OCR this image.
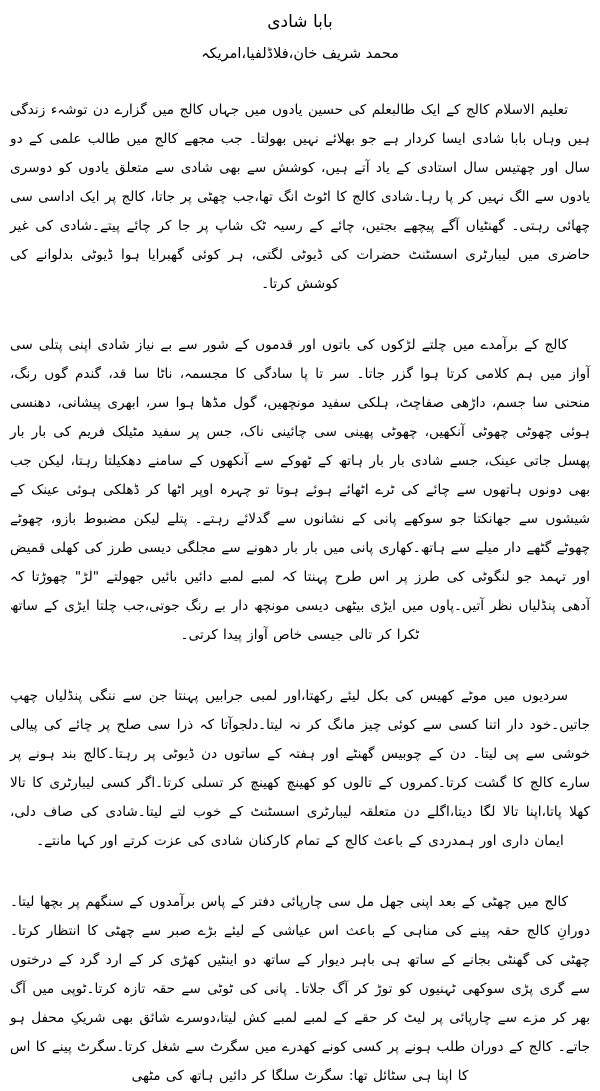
بابا شادی
محمد شریف خان،فلاڈلفیا،امریکہ

تعلیم الاسلام کالج کے ایک طالبعلم کی حسین یادوں میں جہاں کالج میں گزارے دن توشہء زندگی ہیں وہاں بابا شادی ایسا کردار ہے جو بھلائے نہیں بھولتا۔ جب مجھے کالج میں طالب علمی کے دو سال اور چھتیس سال استادی کے یاد آتے ہیں، کوشش سے بھی شادی سے متعلق یادوں کو دوسری یادوں سے الگ نہیں کر پا رہا۔شادی کالج کا اٹوٹ انگ تھا،جب چھٹی پر جاتا، کالج پر ایک اداسی سی چھائی رہتی۔ گھنٹیاں آگے پیچھے بجتیں، چائے کے رسیہ ٹک شاپ پر جا کر چائے پیتے۔شادی کی غیر حاضری میں لیبارٹری اسسٹنٹ حضرات کی ڈیوٹی لگتی، ہر کوئی گھبرایا ہوا ڈیوٹی بدلوانے کی کوشش کرتا۔

کالج کے برآمدے میں چلتے لڑکوں کی باتوں اور قدموں کے شور سے بے نیاز شادی اپنی پتلی سی آواز میں ہم کلامی کرتا ہوا گزر جاتا۔ سر تا پا سادگی کا مجسمہ، ناٹا سا قد، گندم گوں رنگ، منحنی سا جسم، داڑھی صفاچٹ، ہلکی سفید مونچھیں، گول مڈھا ہوا سر، ابھری پیشانی، دھنسی ہوئی چھوٹی چھوٹی آنکھیں، چھوٹی پھینی سی چائینی ناک، جس پر سفید مٹیلک فریم کی بار بار پھسل جاتی عینک، جسے شادی بار بار ہاتھ کے ٹھوکے سے آنکھوں کے سامنے دھکیلتا رہتا، لیکن جب بھی دونوں ہاتھوں سے چائے کی ٹرے اٹھائے ہوئے ہوتا تو چہرہ اوپر اٹھا کر ڈھلکی ہوئی عینک کے شیشوں سے جھانکتا جو سوکھے پانی کے نشانوں سے گدلائے رہتے۔ پتلے لیکن مضبوط بازو، چھوٹے چھوٹے گٹھے دار میلے سے ہاتھ۔کھاری پانی میں بار بار دھونے سے مجلگی دیسی طرز کی کھلی قمیض اور تہمد جو لنگوٹی کی طرز پر اس طرح پہنتا کہ لمبے لمبے دائیں بائیں جھولتے "لڑ" چھوڑتا کہ آدھی پنڈلیاں نظر آتیں۔پاوں میں ایڑی بیٹھی دیسی مونچھ دار بے رنگ جوتی،جب چلتا ایڑی کے ساتھ ٹکرا کر تالی جیسی خاص آواز پیدا کرتی۔

سردیوں میں موٹے کھیس کی بکل لیئے رکھتا،اور لمبی جرابیں پہنتا جن سے ننگی پنڈلیاں چھپ جاتیں۔خود دار اتنا کسی سے کوئی چیز مانگ کر نہ لیتا۔دلجوآتا کہ ذرا سی صلح پر چائے کی پیالی خوشی سے پی لیتا۔ دن کے چوبیس گھنٹے اور ہفتہ کے ساتوں دن ڈیوٹی پر رہتا۔کالج بند ہونے پر سارے کالج کا گشت کرتا۔کمروں کے تالوں کو کھینچ کھینچ کر تسلی کرتا۔اگر کسی لیبارٹری کا تالا کھلا پاتا،اپنا تالا لگا دیتا،اگلے دن متعلقہ لیبارٹری اسسٹنٹ کے خوب لتے لیتا۔شادی کی صاف دلی، ایمان داری اور ہمدردی کے باعث کالج کے تمام کارکنان شادی کی عزت کرتے اور کہا مانتے۔

کالج میں چھٹی کے بعد اپنی جھل مل سی چارپائی دفتر کے پاس برآمدوں کے سنگھم پر بچھا لیتا۔ دورانِ کالج حقہ پینے کی مناہی کے باعث اس عیاشی کے لیئے بڑے صبر سے چھٹی کا انتظار کرتا۔چھٹی کی گھنٹی بجانے کے ساتھ ہی باہر دیوار کے ساتھ دو اینٹیں کھڑی کر کے ارد گرد کے درختوں سے گری پڑی سوکھی ٹہنیوں کو توڑ کر آگ جلاتا۔ پانی کی ٹوٹی سے حقہ تازہ کرتا۔ٹوپی میں آگ بھر کر مزے سے چارپائی پر لیٹ کر حقے کے لمبے لمبے کش لیتا،دوسرے شائق بھی شریکِ محفل ہو جاتے۔ کالج کے دوران طلب ہونے پر کسی کونے کھدرے میں سگرٹ سے شغل کرتا۔سگرٹ پینے کا اس کا اپنا ہی سٹائل تھا: سگرٹ سلگا کر دائیں ہاتھ کی مٹھی
